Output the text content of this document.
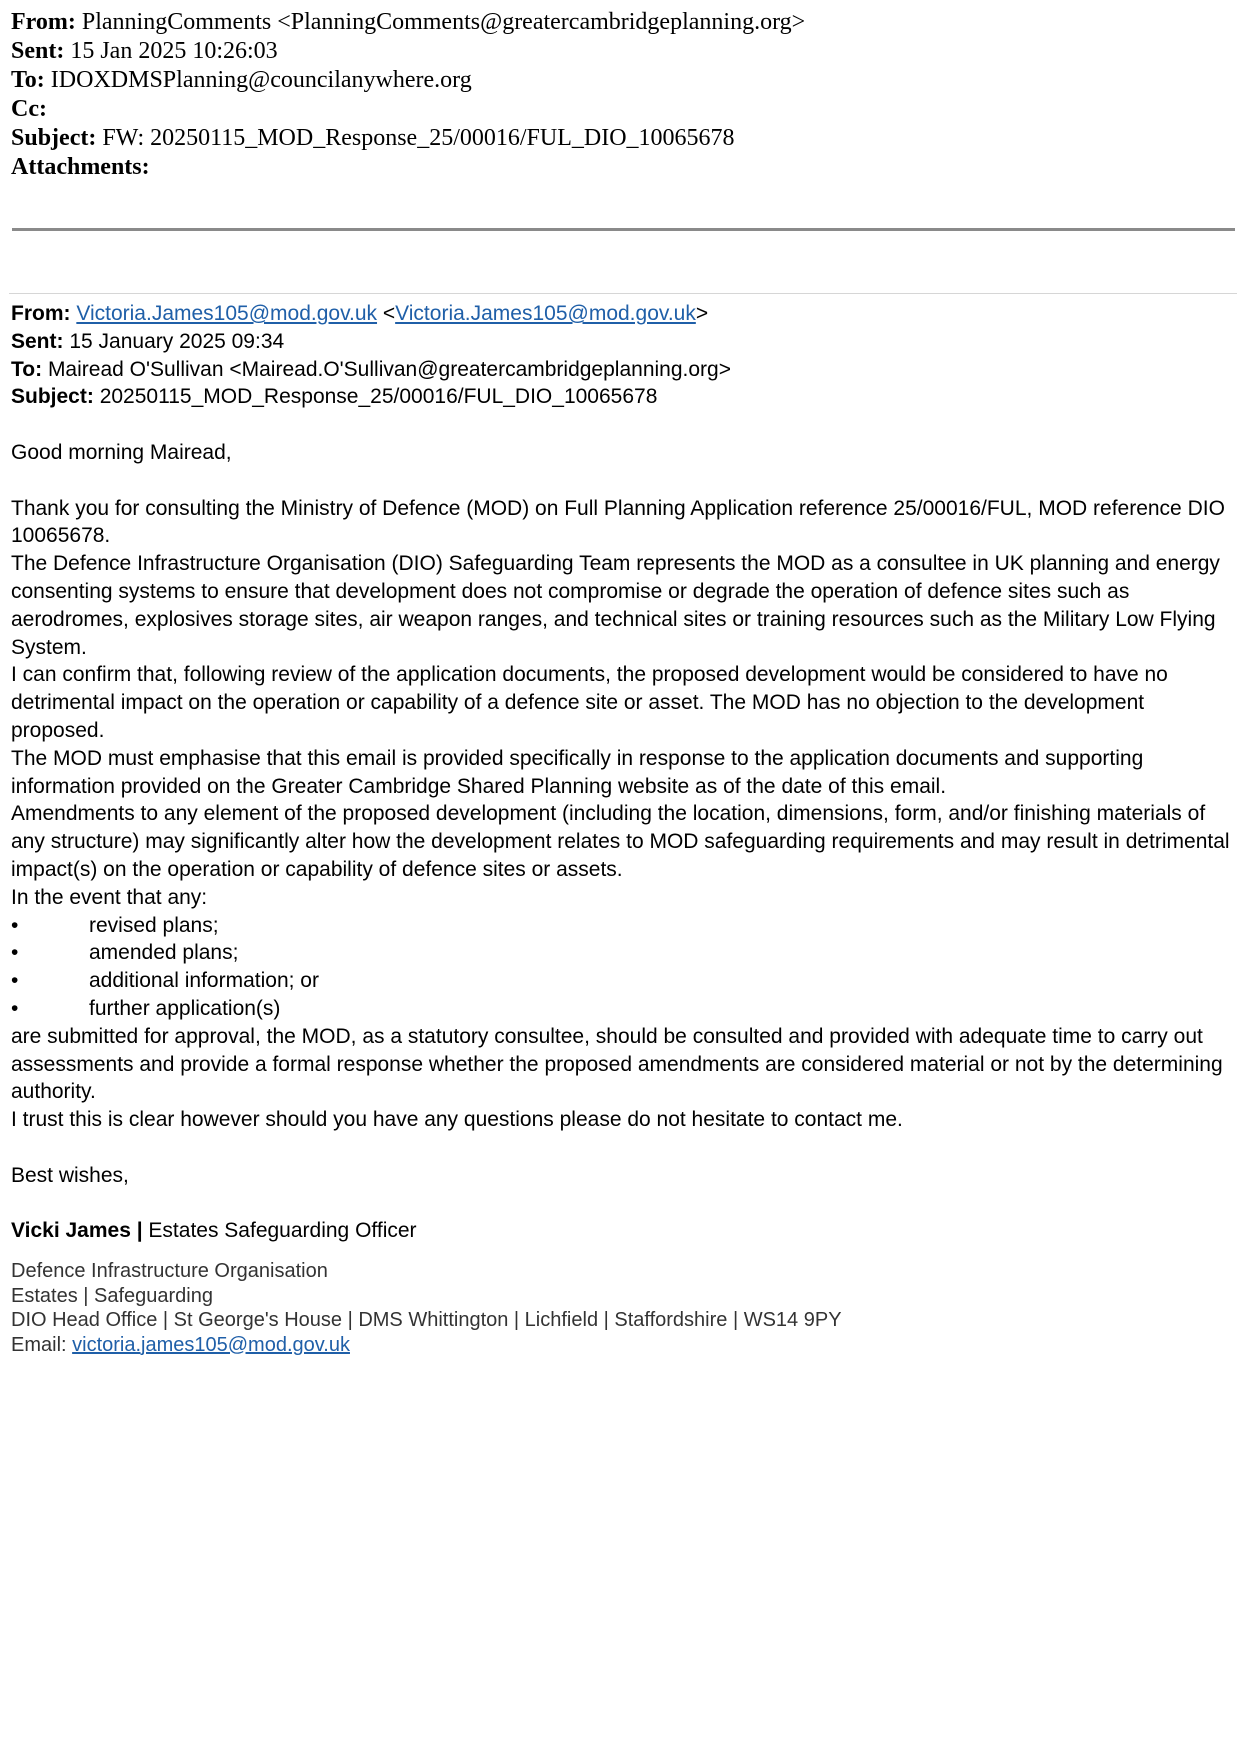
From: PlanningComments <PlanningComments@greatercambridgeplanning.org>
Sent: 15 Jan 2025 10:26:03
To: IDOXDMSPlanning@councilanywhere.org
Cc:
Subject: FW: 20250115_MOD_Response_25/00016/FUL_DIO_10065678
Attachments:
From: Victoria.James105@mod.gov.uk <Victoria.James105@mod.gov.uk>
Sent: 15 January 2025 09:34
To: Mairead O'Sullivan <Mairead.O'Sullivan@greatercambridgeplanning.org>
Subject: 20250115_MOD_Response_25/00016/FUL_DIO_10065678

Good morning Mairead,

Thank you for consulting the Ministry of Defence (MOD) on Full Planning Application reference 25/00016/FUL, MOD reference DIO 10065678.

The Defence Infrastructure Organisation (DIO) Safeguarding Team represents the MOD as a consultee in UK planning and energy consenting systems to ensure that development does not compromise or degrade the operation of defence sites such as aerodromes, explosives storage sites, air weapon ranges, and technical sites or training resources such as the Military Low Flying System.

I can confirm that, following review of the application documents, the proposed development would be considered to have no detrimental impact on the operation or capability of a defence site or asset. The MOD has no objection to the development proposed.

The MOD must emphasise that this email is provided specifically in response to the application documents and supporting information provided on the Greater Cambridge Shared Planning website as of the date of this email.

Amendments to any element of the proposed development (including the location, dimensions, form, and/or finishing materials of any structure) may significantly alter how the development relates to MOD safeguarding requirements and may result in detrimental impact(s) on the operation or capability of defence sites or assets.

In the event that any:

•	revised plans;
•	amended plans;
•	additional information; or
•	further application(s)

are submitted for approval, the MOD, as a statutory consultee, should be consulted and provided with adequate time to carry out assessments and provide a formal response whether the proposed amendments are considered material or not by the determining authority.

I trust this is clear however should you have any questions please do not hesitate to contact me.

Best wishes,

Vicki James | Estates Safeguarding Officer
Defence Infrastructure Organisation
Estates | Safeguarding
DIO Head Office | St George's House | DMS Whittington | Lichfield | Staffordshire | WS14 9PY
Email: victoria.james105@mod.gov.uk
